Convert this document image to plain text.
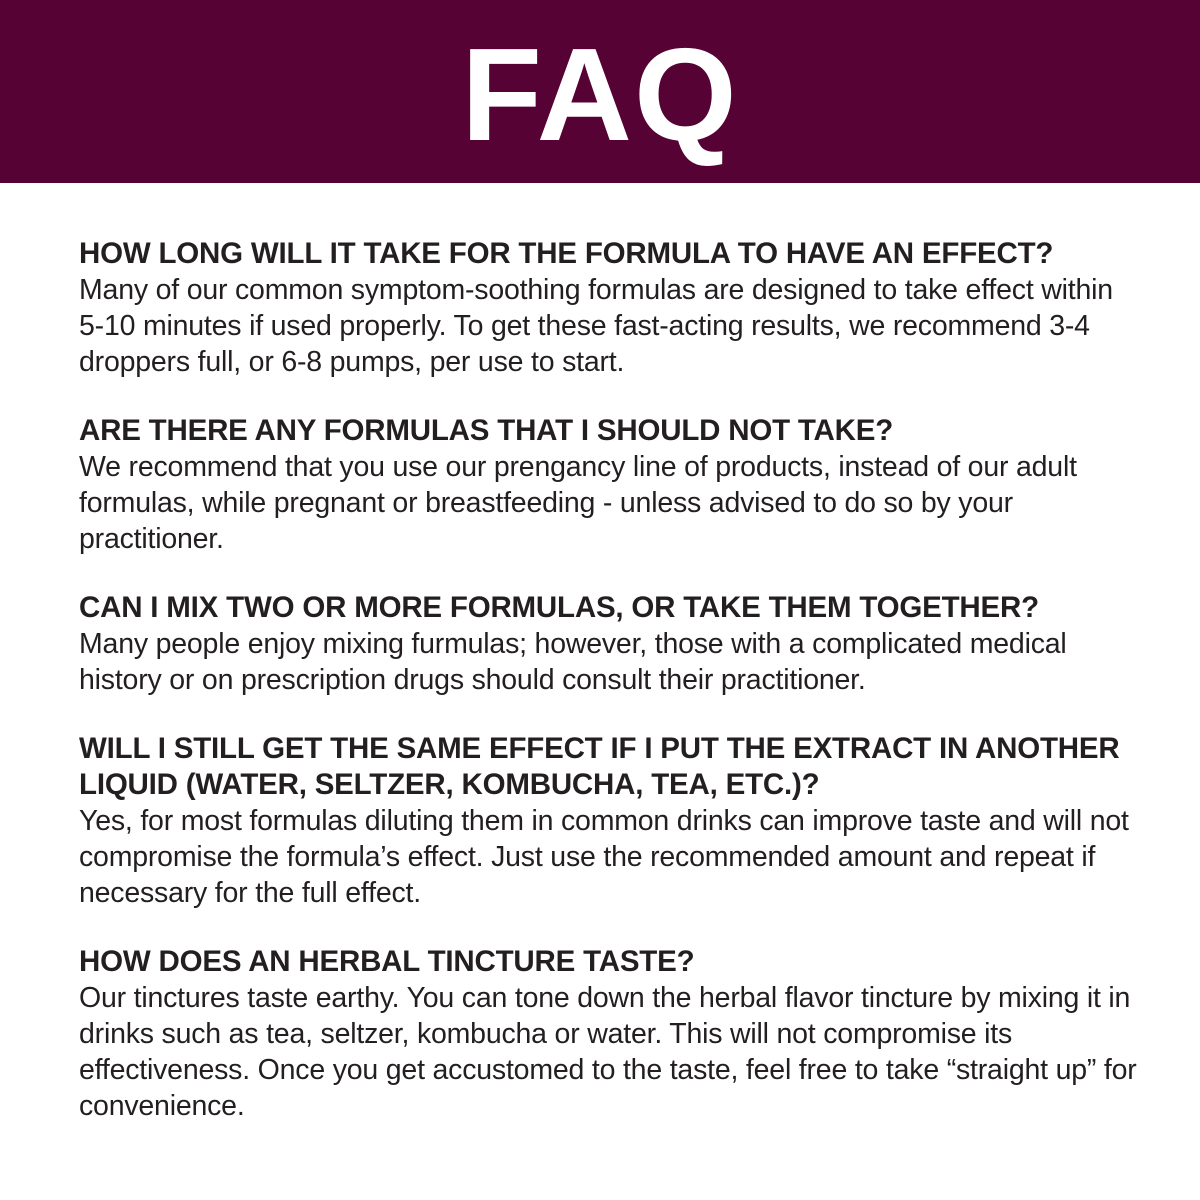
FAQ

HOW LONG WILL IT TAKE FOR THE FORMULA TO HAVE AN EFFECT?

Many of our common symptom-soothing formulas are designed to take effect within 5-10 minutes if used properly. To get these fast-acting results, we recommend 3-4 droppers full, or 6-8 pumps, per use to start.

ARE THERE ANY FORMULAS THAT I SHOULD NOT TAKE?

We recommend that you use our prengancy line of products, instead of our adult formulas, while pregnant or breastfeeding - unless advised to do so by your practitioner.

CAN I MIX TWO OR MORE FORMULAS, OR TAKE THEM TOGETHER?

Many people enjoy mixing furmulas; however, those with a complicated medical history or on prescription drugs should consult their practitioner.

WILL I STILL GET THE SAME EFFECT IF I PUT THE EXTRACT IN ANOTHER LIQUID (WATER, SELTZER, KOMBUCHA, TEA, ETC.)?

Yes, for most formulas diluting them in common drinks can improve taste and will not compromise the formula’s effect. Just use the recommended amount and repeat if necessary for the full effect.

HOW DOES AN HERBAL TINCTURE TASTE?

Our tinctures taste earthy. You can tone down the herbal flavor tincture by mixing it in drinks such as tea, seltzer, kombucha or water. This will not compromise its effectiveness. Once you get accustomed to the taste, feel free to take “straight up” for convenience.
